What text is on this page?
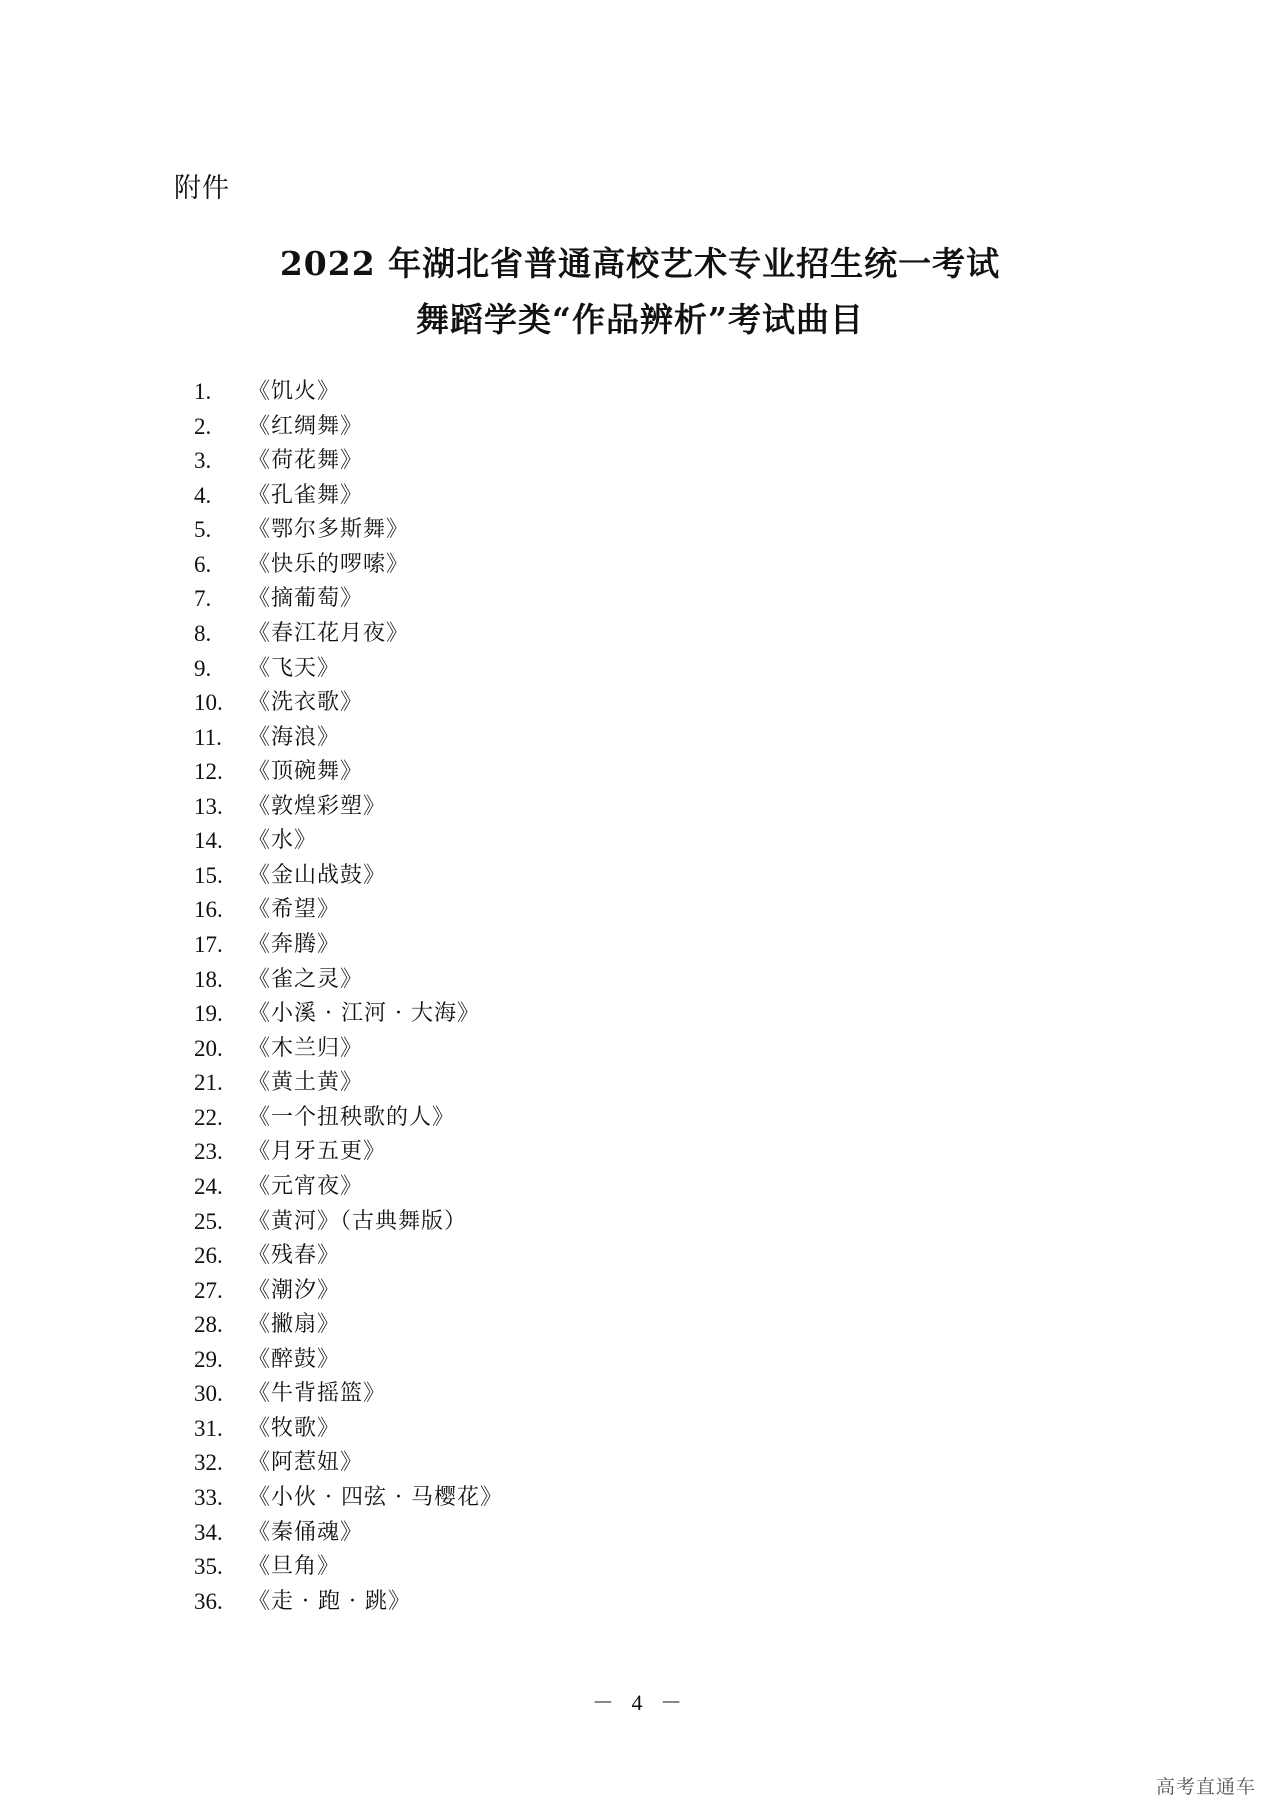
附件
2022 年湖北省普通高校艺术专业招生统一考试
舞蹈学类“作品辨析”考试曲目
1.	《饥火》
2.	《红绸舞》
3.	《荷花舞》
4.	《孔雀舞》
5.	《鄂尔多斯舞》
6.	《快乐的啰嗦》
7.	《摘葡萄》
8.	《春江花月夜》
9.	《飞天》
10.	《洗衣歌》
11.	《海浪》
12.	《顶碗舞》
13.	《敦煌彩塑》
14.	《水》
15.	《金山战鼓》
16.	《希望》
17.	《奔腾》
18.	《雀之灵》
19.	《小溪 · 江河 · 大海》
20.	《木兰归》
21.	《黄土黄》
22.	《一个扭秧歌的人》
23.	《月牙五更》
24.	《元宵夜》
25.	《黄河》（古典舞版）
26.	《残春》
27.	《潮汐》
28.	《撇扇》
29.	《醉鼓》
30.	《牛背摇篮》
31.	《牧歌》
32.	《阿惹妞》
33.	《小伙 · 四弦 · 马樱花》
34.	《秦俑魂》
35.	《旦角》
36.	《走 · 跑 · 跳》
－ 4 －
高考直通车
